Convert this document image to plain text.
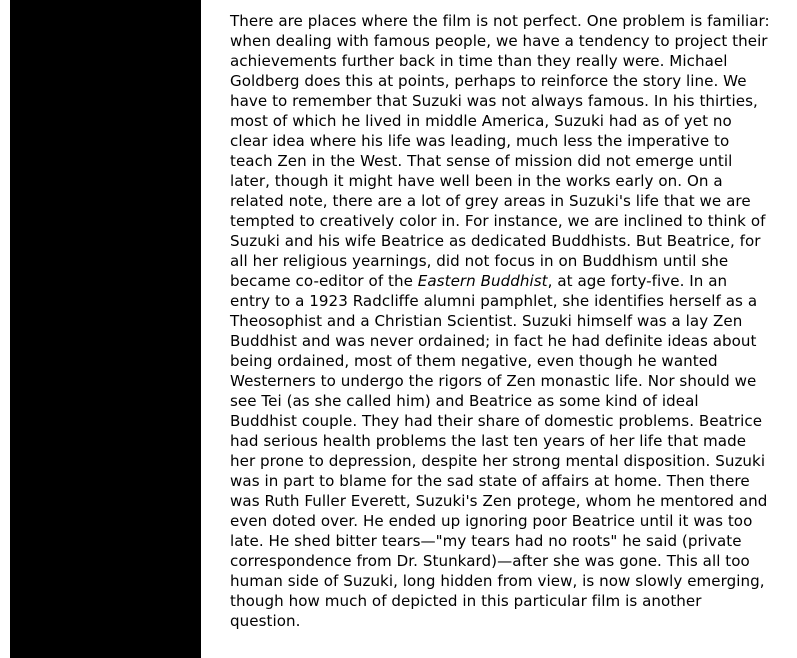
There are places where the film is not perfect. One problem is familiar: when dealing with famous people, we have a tendency to project their achievements further back in time than they really were. Michael Goldberg does this at points, perhaps to reinforce the story line. We have to remember that Suzuki was not always famous. In his thirties, most of which he lived in middle America, Suzuki had as of yet no clear idea where his life was leading, much less the imperative to teach Zen in the West. That sense of mission did not emerge until later, though it might have well been in the works early on. On a related note, there are a lot of grey areas in Suzuki's life that we are tempted to creatively color in. For instance, we are inclined to think of Suzuki and his wife Beatrice as dedicated Buddhists. But Beatrice, for all her religious yearnings, did not focus in on Buddhism until she became co-editor of the Eastern Buddhist, at age forty-five. In an entry to a 1923 Radcliffe alumni pamphlet, she identifies herself as a Theosophist and a Christian Scientist. Suzuki himself was a lay Zen Buddhist and was never ordained; in fact he had definite ideas about being ordained, most of them negative, even though he wanted Westerners to undergo the rigors of Zen monastic life. Nor should we see Tei (as she called him) and Beatrice as some kind of ideal Buddhist couple. They had their share of domestic problems. Beatrice had serious health problems the last ten years of her life that made her prone to depression, despite her strong mental disposition. Suzuki was in part to blame for the sad state of affairs at home. Then there was Ruth Fuller Everett, Suzuki's Zen protege, whom he mentored and even doted over. He ended up ignoring poor Beatrice until it was too late. He shed bitter tears—"my tears had no roots" he said (private correspondence from Dr. Stunkard)—after she was gone. This all too human side of Suzuki, long hidden from view, is now slowly emerging, though how much of depicted in this particular film is another question.
